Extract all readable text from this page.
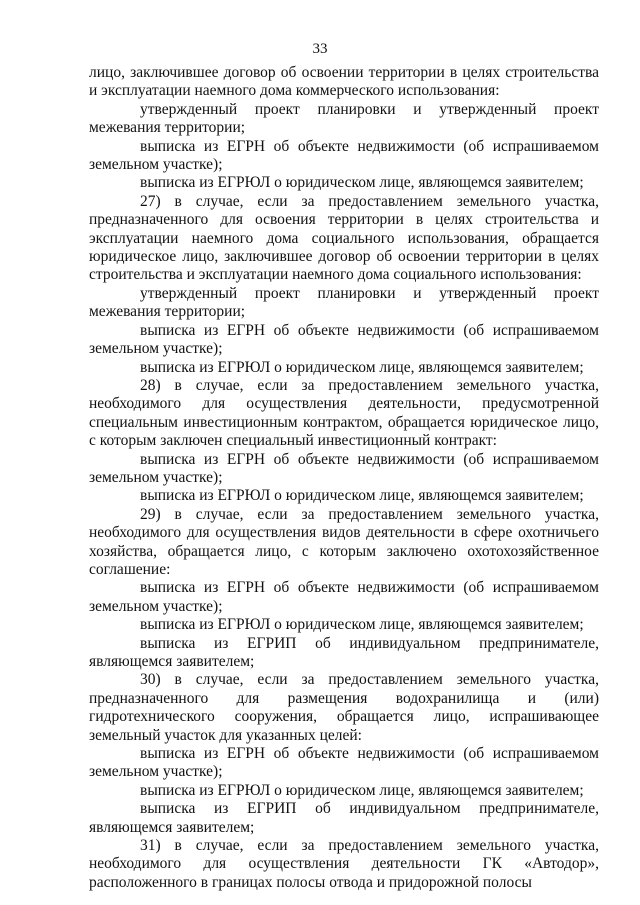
33

лицо, заключившее договор об освоении территории в целях строительства и эксплуатации наемного дома коммерческого использования:

утвержденный проект планировки и утвержденный проект межевания территории;

выписка из ЕГРН об объекте недвижимости (об испрашиваемом земельном участке);

выписка из ЕГРЮЛ о юридическом лице, являющемся заявителем;

27) в случае, если за предоставлением земельного участка, предназначенного для освоения территории в целях строительства и эксплуатации наемного дома социального использования, обращается юридическое лицо, заключившее договор об освоении территории в целях строительства и эксплуатации наемного дома социального использования:

утвержденный проект планировки и утвержденный проект межевания территории;

выписка из ЕГРН об объекте недвижимости (об испрашиваемом земельном участке);

выписка из ЕГРЮЛ о юридическом лице, являющемся заявителем;

28) в случае, если за предоставлением земельного участка, необходимого для осуществления деятельности, предусмотренной специальным инвестиционным контрактом, обращается юридическое лицо, с которым заключен специальный инвестиционный контракт:

выписка из ЕГРН об объекте недвижимости (об испрашиваемом земельном участке);

выписка из ЕГРЮЛ о юридическом лице, являющемся заявителем;

29) в случае, если за предоставлением земельного участка, необходимого для осуществления видов деятельности в сфере охотничьего хозяйства, обращается лицо, с которым заключено охотохозяйственное соглашение:

выписка из ЕГРН об объекте недвижимости (об испрашиваемом земельном участке);

выписка из ЕГРЮЛ о юридическом лице, являющемся заявителем;

выписка из ЕГРИП об индивидуальном предпринимателе, являющемся заявителем;

30) в случае, если за предоставлением земельного участка, предназначенного для размещения водохранилища и (или) гидротехнического сооружения, обращается лицо, испрашивающее земельный участок для указанных целей:

выписка из ЕГРН об объекте недвижимости (об испрашиваемом земельном участке);

выписка из ЕГРЮЛ о юридическом лице, являющемся заявителем;

выписка из ЕГРИП об индивидуальном предпринимателе, являющемся заявителем;

31) в случае, если за предоставлением земельного участка, необходимого для осуществления деятельности ГК «Автодор», расположенного в границах полосы отвода и придорожной полосы
